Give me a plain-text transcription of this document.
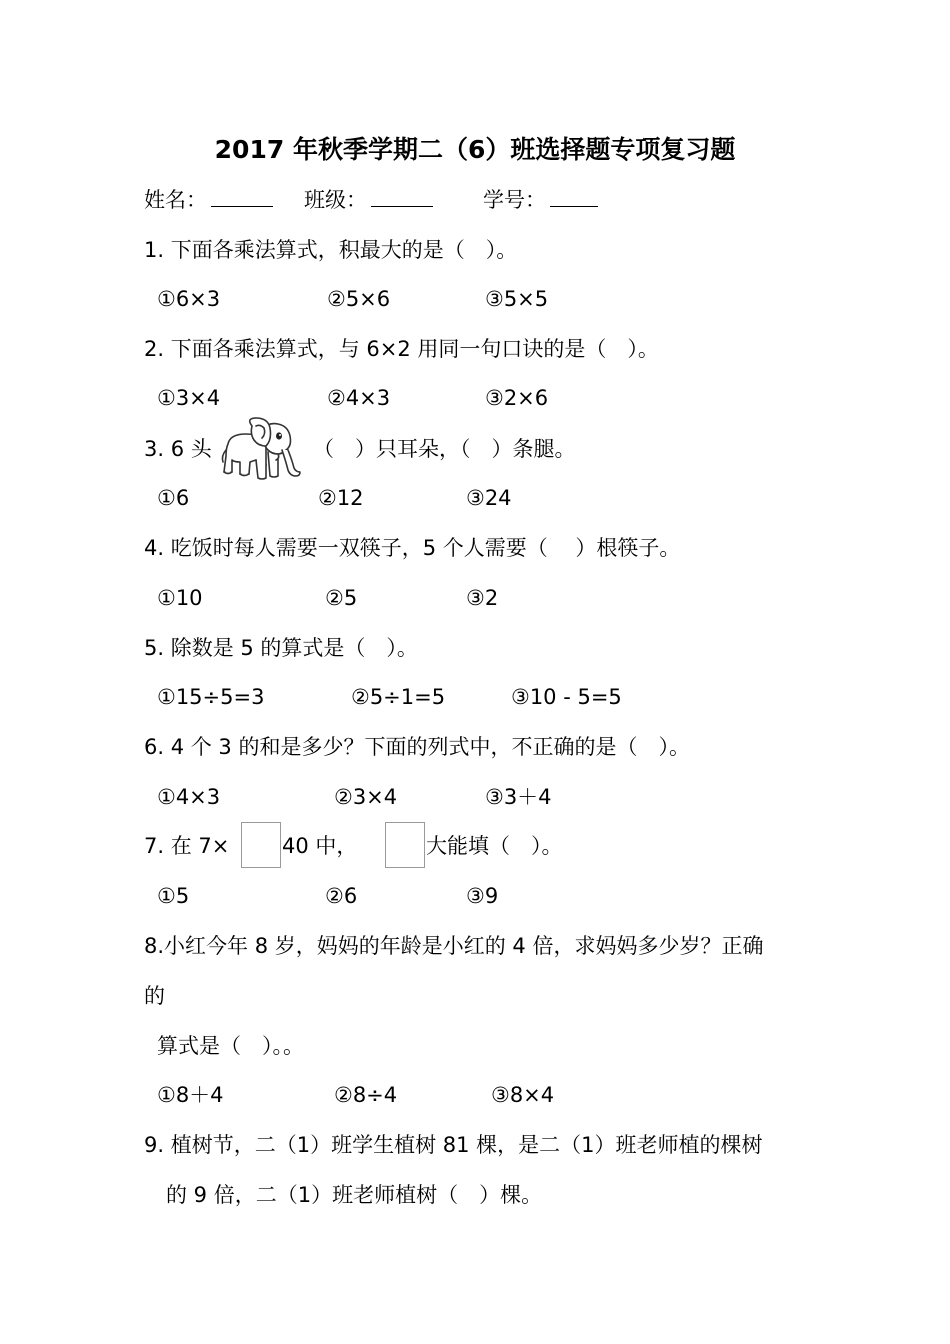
2017 年秋季学期二（6）班选择题专项复习题
姓名：	班级：	学号：
1. 下面各乘法算式，积最大的是（　）。
①6×3	②5×6	③5×5
2. 下面各乘法算式，与 6×2 用同一句口诀的是（　）。
①3×4	②4×3	③2×6
3. 6 头	（　）只耳朵，（　）条腿。
①6	②12	③24
4. 吃饭时每人需要一双筷子，5 个人需要（　 ）根筷子。
①10	②5	③2
5. 除数是 5 的算式是（　）。
①15÷5=3	②5÷1=5	③10 - 5=5
6. 4 个 3 的和是多少？下面的列式中，不正确的是（　）。
①4×3	②3×4	③3＋4
7. 在 7×	40 中，	大能填（　）。
①5	②6	③9
8.小红今年 8 岁，妈妈的年龄是小红的 4 倍，求妈妈多少岁？正确
的
算式是（　）。。
①8＋4	②8÷4	③8×4
9. 植树节，二（1）班学生植树 81 棵，是二（1）班老师植的棵树
的 9 倍，二（1）班老师植树（　）棵。
